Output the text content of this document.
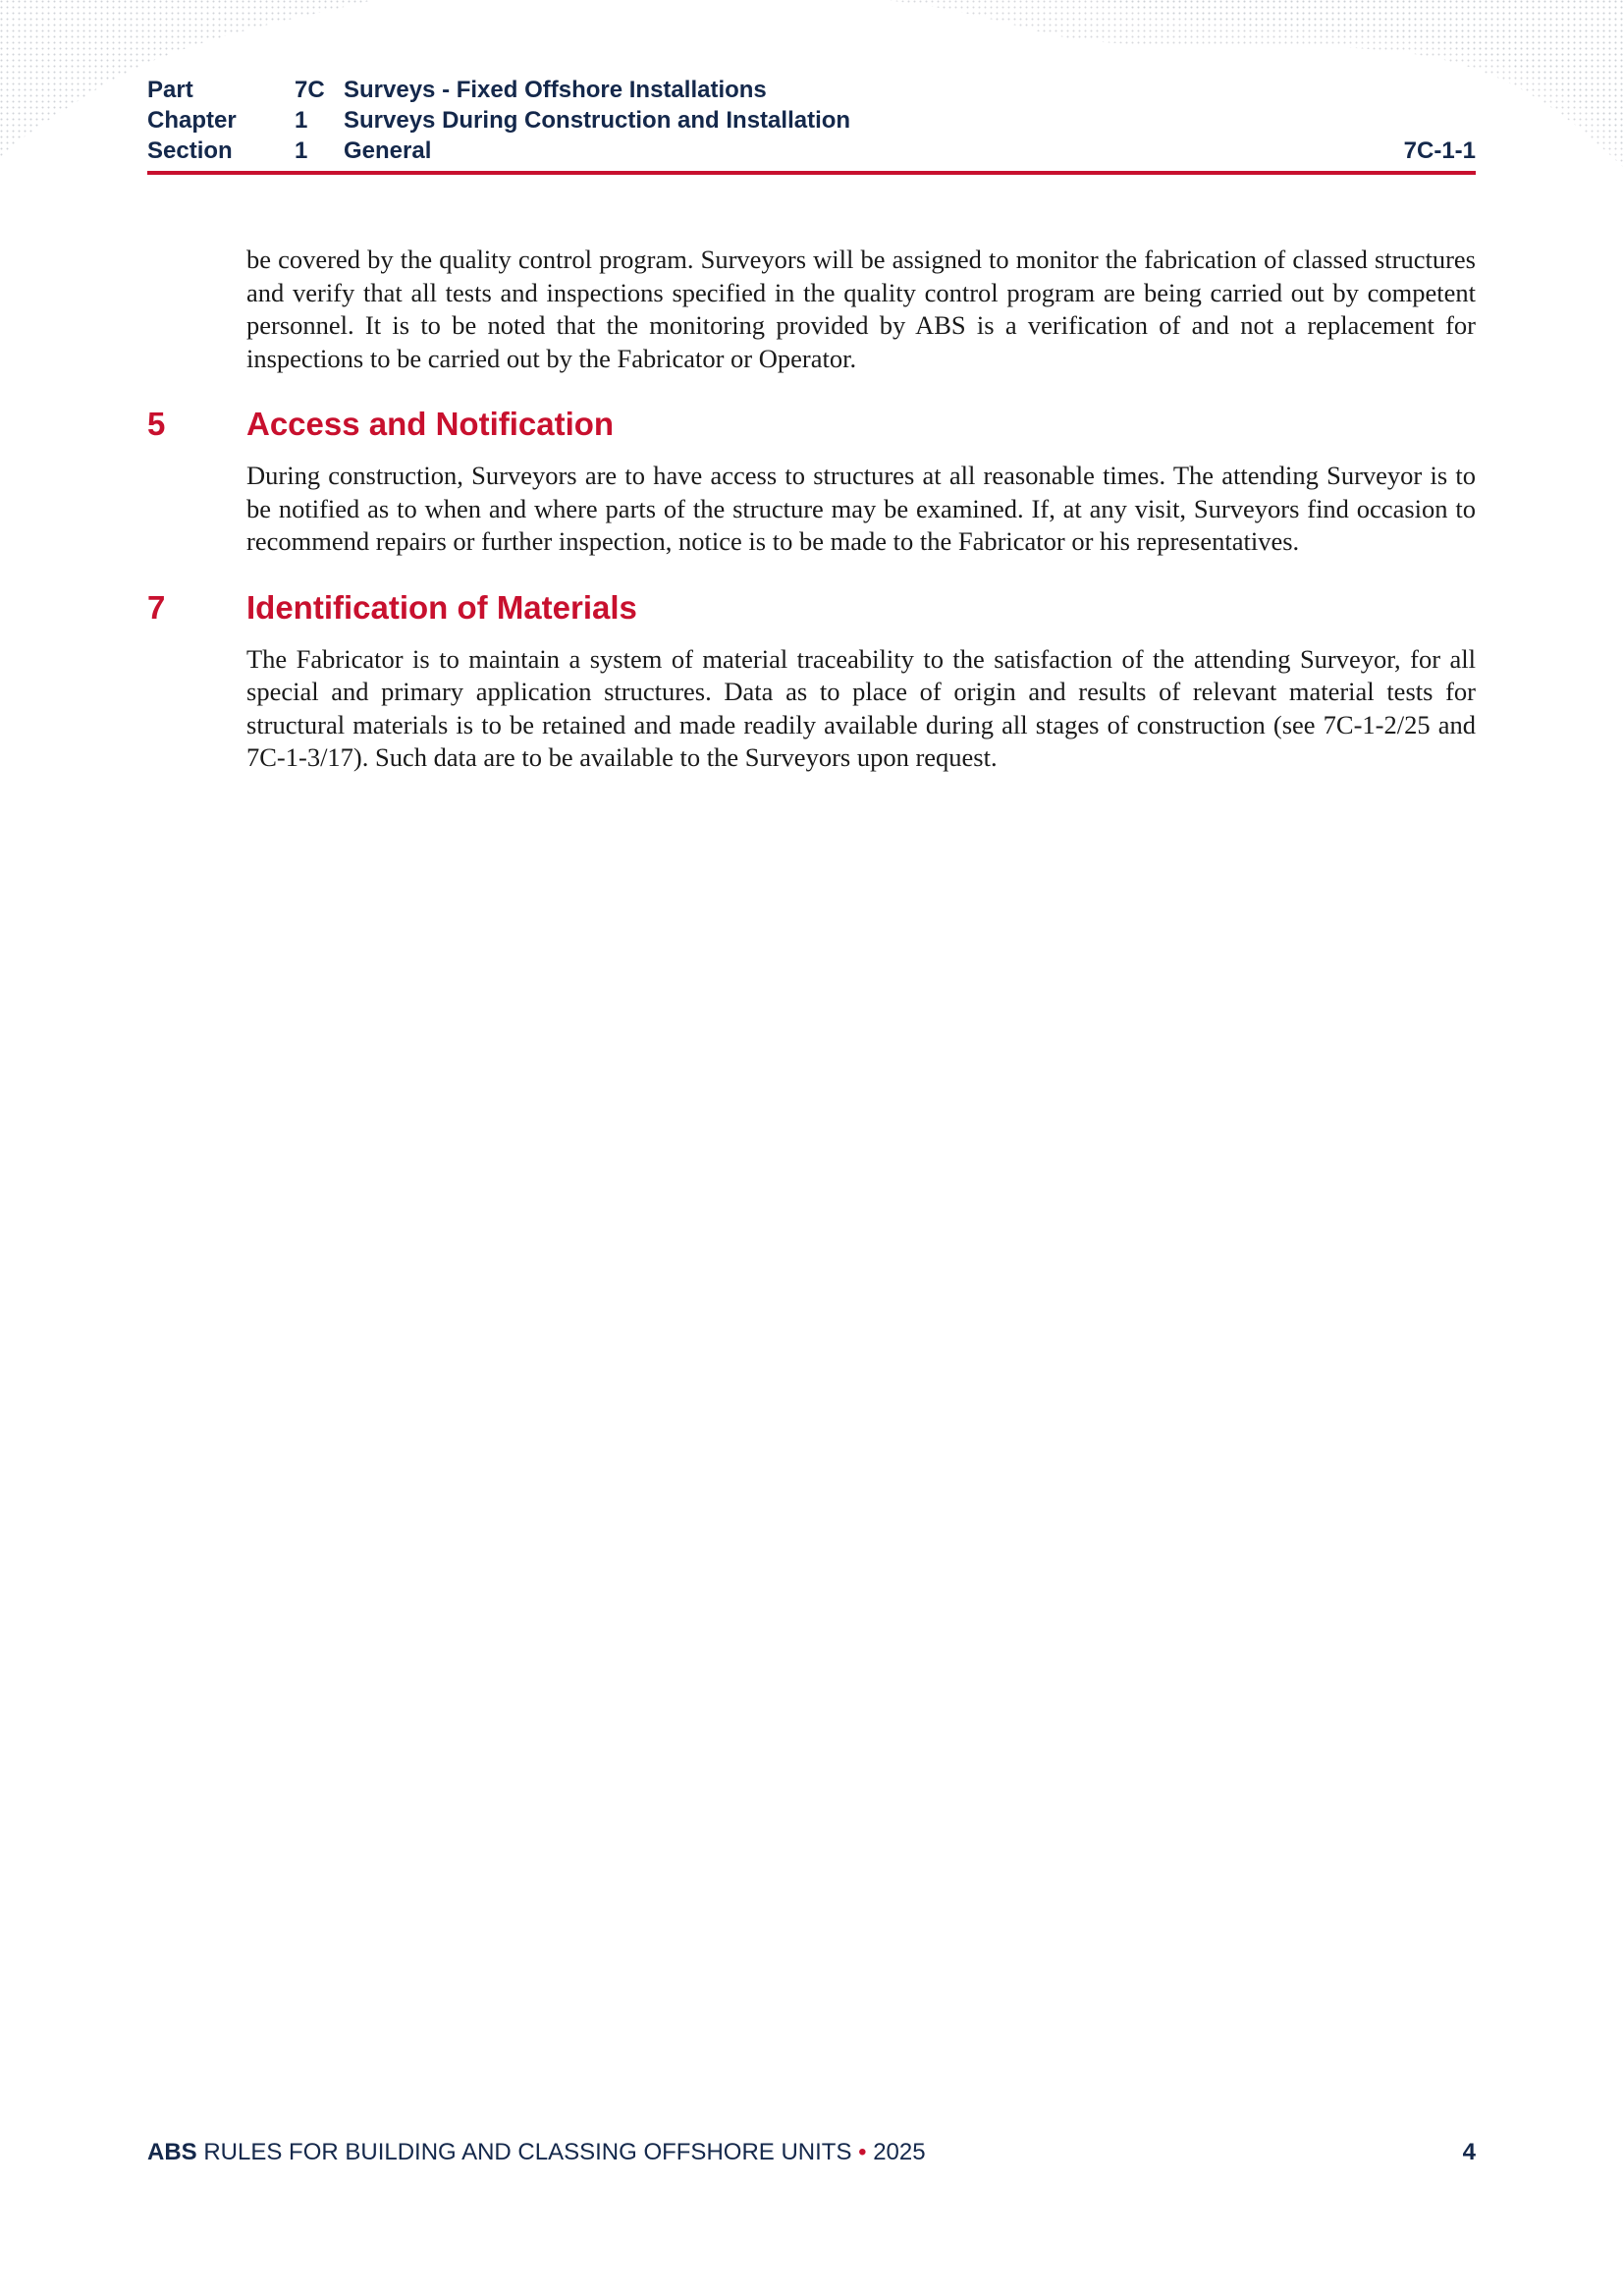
Part	7C Surveys - Fixed Offshore Installations
Chapter	1	Surveys During Construction and Installation
Section	1	General	7C-1-1

be covered by the quality control program. Surveyors will be assigned to monitor the fabrication of classed structures and verify that all tests and inspections specified in the quality control program are being carried out by competent personnel. It is to be noted that the monitoring provided by ABS is a verification of and not a replacement for inspections to be carried out by the Fabricator or Operator.

5	Access and Notification

During construction, Surveyors are to have access to structures at all reasonable times. The attending Surveyor is to be notified as to when and where parts of the structure may be examined. If, at any visit, Surveyors find occasion to recommend repairs or further inspection, notice is to be made to the Fabricator or his representatives.

7	Identification of Materials

The Fabricator is to maintain a system of material traceability to the satisfaction of the attending Surveyor, for all special and primary application structures. Data as to place of origin and results of relevant material tests for structural materials is to be retained and made readily available during all stages of construction (see 7C-1-2/25 and 7C-1-3/17). Such data are to be available to the Surveyors upon request.

ABS RULES FOR BUILDING AND CLASSING OFFSHORE UNITS • 2025	4
